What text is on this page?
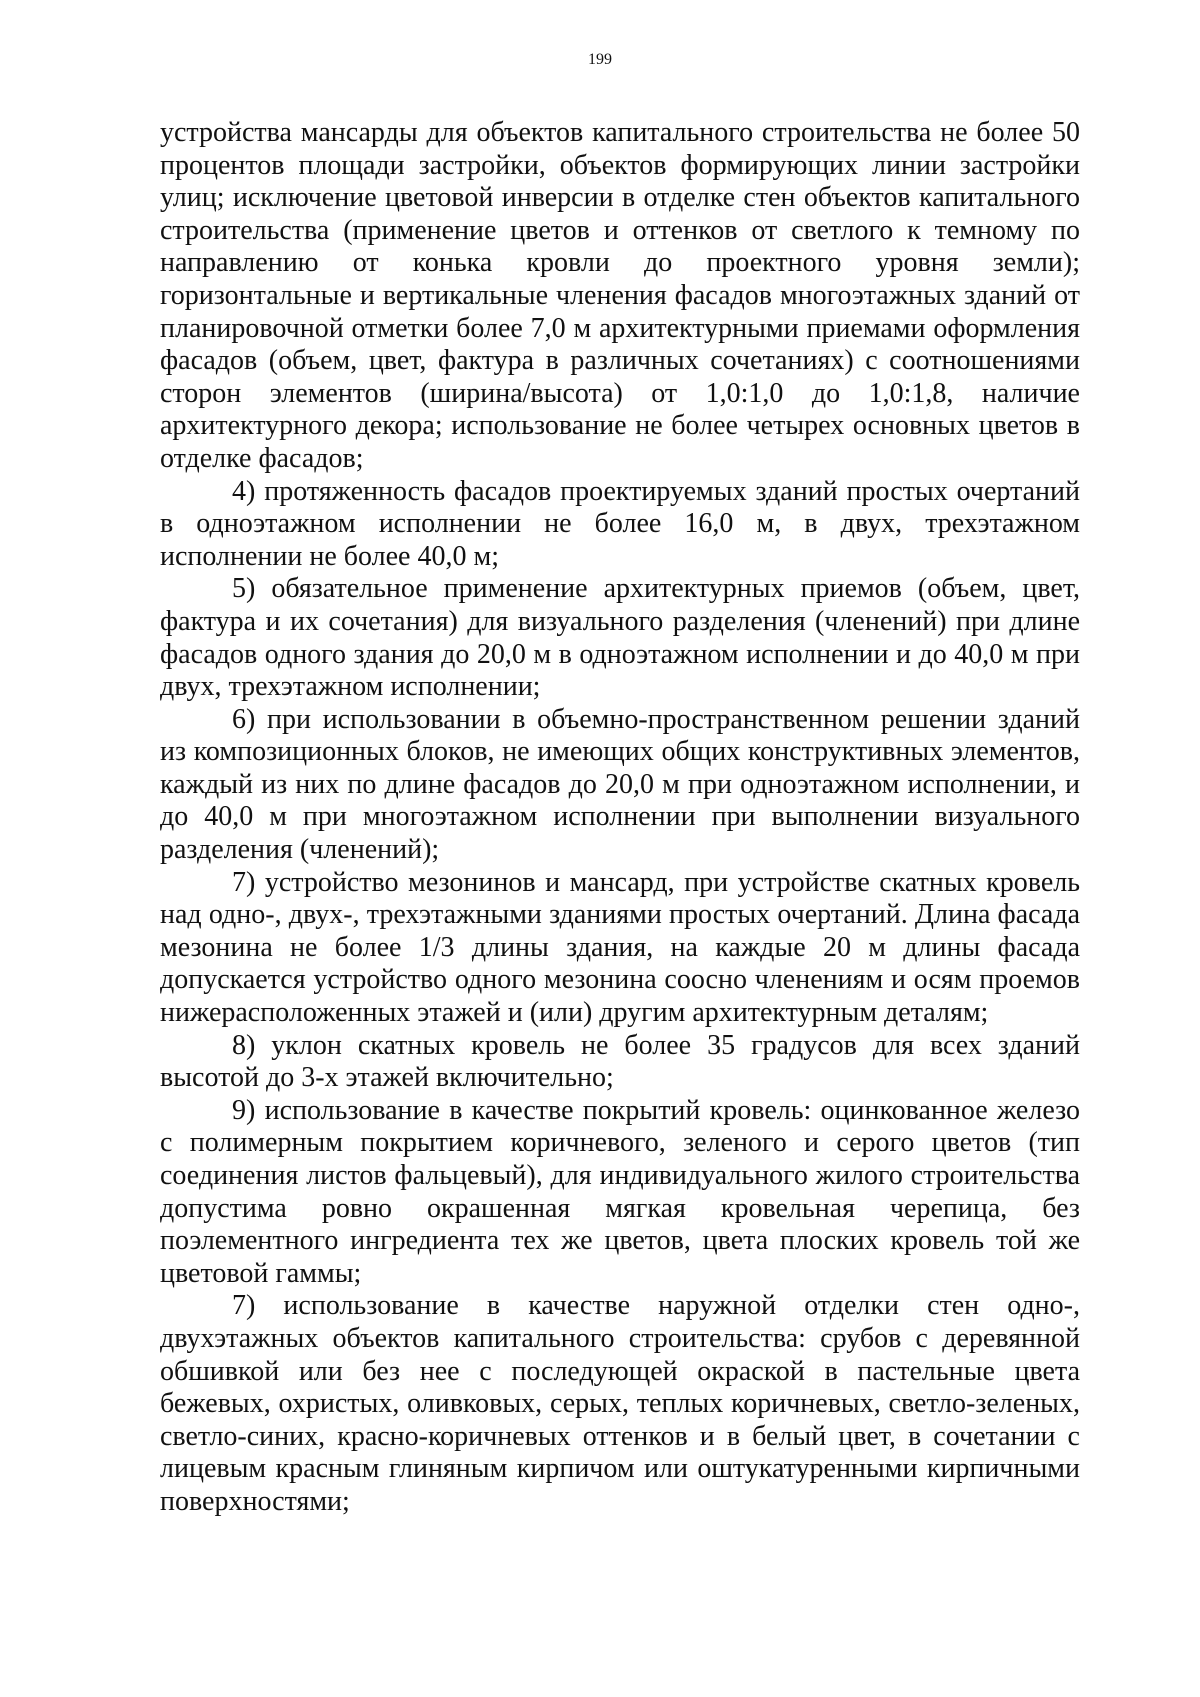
199

устройства мансарды для объектов капитального строительства не более 50 процентов площади застройки, объектов формирующих линии застройки улиц; исключение цветовой инверсии в отделке стен объектов капитального строительства (применение цветов и оттенков от светлого к темному по направлению от конька кровли до проектного уровня земли); горизонтальные и вертикальные членения фасадов многоэтажных зданий от планировочной отметки более 7,0 м архитектурными приемами оформления фасадов (объем, цвет, фактура в различных сочетаниях) с соотношениями сторон элементов (ширина/высота) от 1,0:1,0 до 1,0:1,8, наличие архитектурного декора; использование не более четырех основных цветов в отделке фасадов;

4) протяженность фасадов проектируемых зданий простых очертаний в одноэтажном исполнении не более 16,0 м, в двух, трехэтажном исполнении не более 40,0 м;

5) обязательное применение архитектурных приемов (объем, цвет, фактура и их сочетания) для визуального разделения (членений) при длине фасадов одного здания до 20,0 м в одноэтажном исполнении и до 40,0 м при двух, трехэтажном исполнении;

6) при использовании в объемно-пространственном решении зданий из композиционных блоков, не имеющих общих конструктивных элементов, каждый из них по длине фасадов до 20,0 м при одноэтажном исполнении, и до 40,0 м при многоэтажном исполнении при выполнении визуального разделения (членений);

7) устройство мезонинов и мансард, при устройстве скатных кровель над одно-, двух-, трехэтажными зданиями простых очертаний. Длина фасада мезонина не более 1/3 длины здания, на каждые 20 м длины фасада допускается устройство одного мезонина соосно членениям и осям проемов нижерасположенных этажей и (или) другим архитектурным деталям;

8) уклон скатных кровель не более 35 градусов для всех зданий высотой до 3-х этажей включительно;

9) использование в качестве покрытий кровель: оцинкованное железо с полимерным покрытием коричневого, зеленого и серого цветов (тип соединения листов фальцевый), для индивидуального жилого строительства допустима ровно окрашенная мягкая кровельная черепица, без поэлементного ингредиента тех же цветов, цвета плоских кровель той же цветовой гаммы;

7) использование в качестве наружной отделки стен одно-, двухэтажных объектов капитального строительства: срубов с деревянной обшивкой или без нее с последующей окраской в пастельные цвета бежевых, охристых, оливковых, серых, теплых коричневых, светло-зеленых, светло-синих, красно-коричневых оттенков и в белый цвет, в сочетании с лицевым красным глиняным кирпичом или оштукатуренными кирпичными поверхностями;
